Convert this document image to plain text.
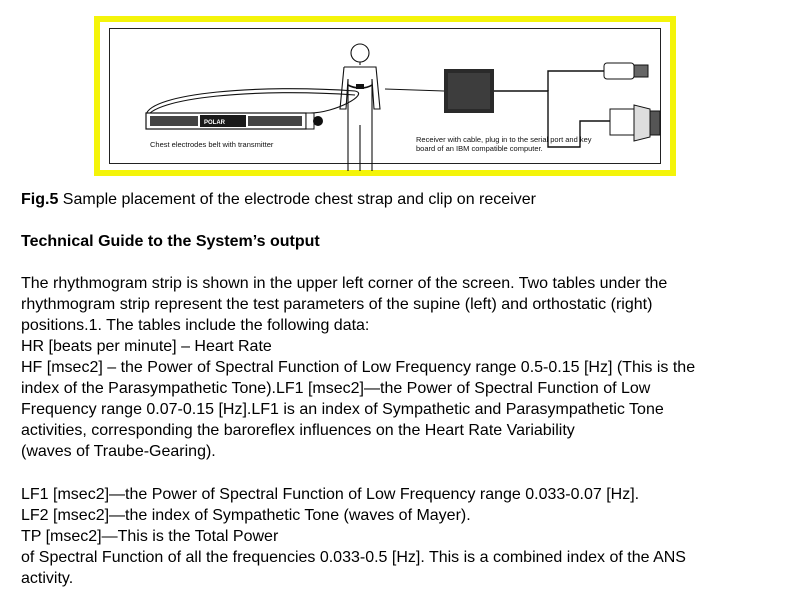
POLAR
Chest electrodes belt with transmitter
Receiver with cable, plug in to the serial port and key
board of an IBM compatible computer.
Fig.5 Sample placement of the electrode chest strap and clip on receiver
Technical Guide to the System’s output
The rhythmogram strip is shown in the upper left corner of the screen. Two tables under the
rhythmogram strip represent the test parameters of the supine (left) and orthostatic (right)
positions.1. The tables include the following data:
HR [beats per minute] – Heart Rate
HF [msec2] – the Power of Spectral Function of Low Frequency range 0.5-0.15 [Hz] (This is the
index of the Parasympathetic Tone).LF1 [msec2]—the Power of Spectral Function of Low
Frequency range 0.07-0.15 [Hz].LF1 is an index of Sympathetic and Parasympathetic Tone
activities, corresponding the baroreflex influences on the Heart Rate Variability
(waves of Traube-Gearing).
LF1 [msec2]—the Power of Spectral Function of Low Frequency range 0.033-0.07 [Hz].
LF2 [msec2]—the index of Sympathetic Tone (waves of Mayer).
TP [msec2]—This is the Total Power
of Spectral Function of all the frequencies 0.033-0.5 [Hz]. This is a combined index of the ANS
activity.
